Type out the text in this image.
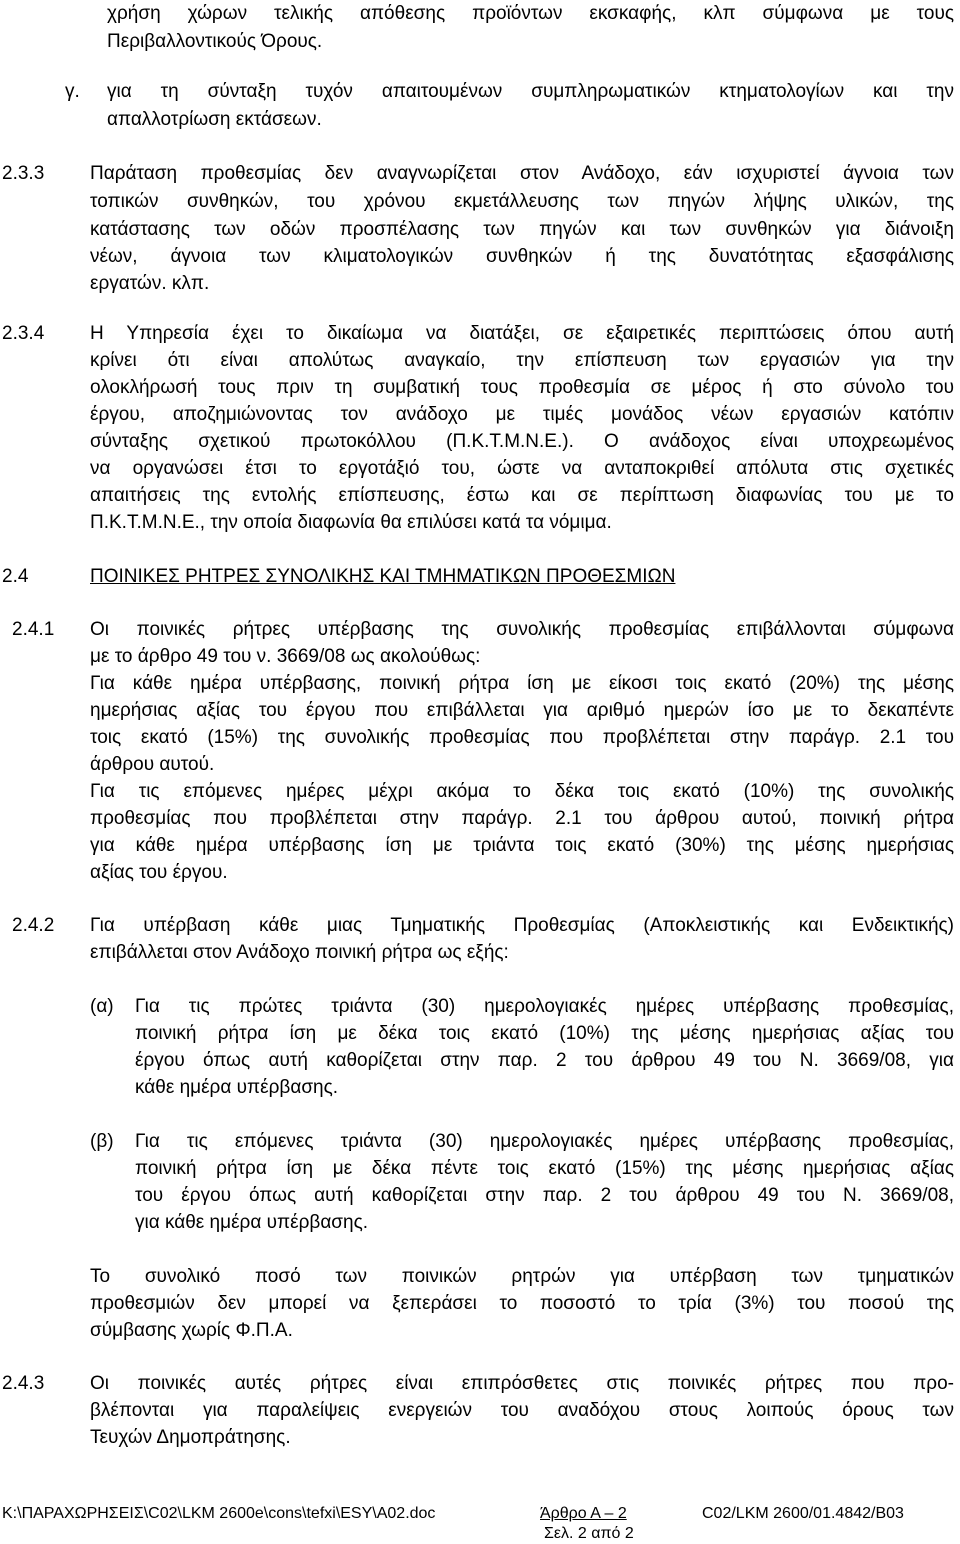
χρήση χώρων τελικής απόθεσης προϊόντων εκσκαφής, κλπ σύμφωνα με τους
Περιβαλλοντικούς Όρους.
γ. για τη σύνταξη τυχόν απαιτουμένων συμπληρωματικών κτηματολογίων και την
απαλλοτρίωση εκτάσεων.
2.3.3 Παράταση προθεσμίας δεν αναγνωρίζεται στον Ανάδοχο, εάν ισχυριστεί άγνοια των
τοπικών συνθηκών, του χρόνου εκμετάλλευσης των πηγών λήψης υλικών, της
κατάστασης των οδών προσπέλασης των πηγών και των συνθηκών για διάνοιξη
νέων, άγνοια των κλιματολογικών συνθηκών ή της δυνατότητας εξασφάλισης
εργατών. κλπ.
2.3.4 Η Υπηρεσία έχει το δικαίωμα να διατάξει, σε εξαιρετικές περιπτώσεις όπου αυτή
κρίνει ότι είναι απολύτως αναγκαίο, την επίσπευση των εργασιών για την
ολοκλήρωσή τους πριν τη συμβατική τους προθεσμία σε μέρος ή στο σύνολο του
έργου, αποζημιώνοντας τον ανάδοχο με τιμές μονάδος νέων εργασιών κατόπιν
σύνταξης σχετικού πρωτοκόλλου (Π.Κ.Τ.Μ.Ν.Ε.). Ο ανάδοχος είναι υποχρεωμένος
να οργανώσει έτσι το εργοτάξιό του, ώστε να ανταποκριθεί απόλυτα στις σχετικές
απαιτήσεις της εντολής επίσπευσης, έστω και σε περίπτωση διαφωνίας του με το
Π.Κ.Τ.Μ.Ν.Ε., την οποία διαφωνία θα επιλύσει κατά τα νόμιμα.
2.4	ΠΟΙΝΙΚΕΣ ΡΗΤΡΕΣ ΣΥΝΟΛΙΚΗΣ ΚΑΙ ΤΜΗΜΑΤΙΚΩΝ ΠΡΟΘΕΣΜΙΩΝ
2.4.1 Οι ποινικές ρήτρες υπέρβασης της συνολικής προθεσμίας επιβάλλονται σύμφωνα
με το άρθρο 49 του ν. 3669/08 ως ακολούθως:
Για κάθε ημέρα υπέρβασης, ποινική ρήτρα ίση με είκοσι τοις εκατό (20%) της μέσης
ημερήσιας αξίας του έργου που επιβάλλεται για αριθμό ημερών ίσο με το δεκαπέντε
τοις εκατό (15%) της συνολικής προθεσμίας που προβλέπεται στην παράγρ. 2.1 του
άρθρου αυτού.
Για τις επόμενες ημέρες μέχρι ακόμα το δέκα τοις εκατό (10%) της συνολικής
προθεσμίας που προβλέπεται στην παράγρ. 2.1 του άρθρου αυτού, ποινική ρήτρα
για κάθε ημέρα υπέρβασης ίση με τριάντα τοις εκατό (30%) της μέσης ημερήσιας
αξίας του έργου.
2.4.2 Για υπέρβαση κάθε μιας Τμηματικής Προθεσμίας (Αποκλειστικής και Ενδεικτικής)
επιβάλλεται στον Ανάδοχο ποινική ρήτρα ως εξής:
(α) Για τις πρώτες τριάντα (30) ημερολογιακές ημέρες υπέρβασης προθεσμίας,
ποινική ρήτρα ίση με δέκα τοις εκατό (10%) της μέσης ημερήσιας αξίας του
έργου όπως αυτή καθορίζεται στην παρ. 2 του άρθρου 49 του Ν. 3669/08, για
κάθε ημέρα υπέρβασης.
(β) Για τις επόμενες τριάντα (30) ημερολογιακές ημέρες υπέρβασης προθεσμίας,
ποινική ρήτρα ίση με δέκα πέντε τοις εκατό (15%) της μέσης ημερήσιας αξίας
του έργου όπως αυτή καθορίζεται στην παρ. 2 του άρθρου 49 του Ν. 3669/08,
για κάθε ημέρα υπέρβασης.
Το συνολικό ποσό των ποινικών ρητρών για υπέρβαση των τμηματικών
προθεσμιών δεν μπορεί να ξεπεράσει το ποσοστό το τρία (3%) του ποσού της
σύμβασης χωρίς Φ.Π.Α.
2.4.3 Οι ποινικές αυτές ρήτρες είναι επιπρόσθετες στις ποινικές ρήτρες που προ-
βλέπονται για παραλείψεις ενεργειών του αναδόχου στους λοιπούς όρους των
Τευχών Δημοπράτησης.
K:\ΠΑΡΑΧΩΡΗΣΕΙΣ\C02\LKM 2600e\cons\tefxi\ESY\A02.doc	Άρθρο Α – 2	C02/LKM 2600/01.4842/B03
Σελ. 2 από 2
